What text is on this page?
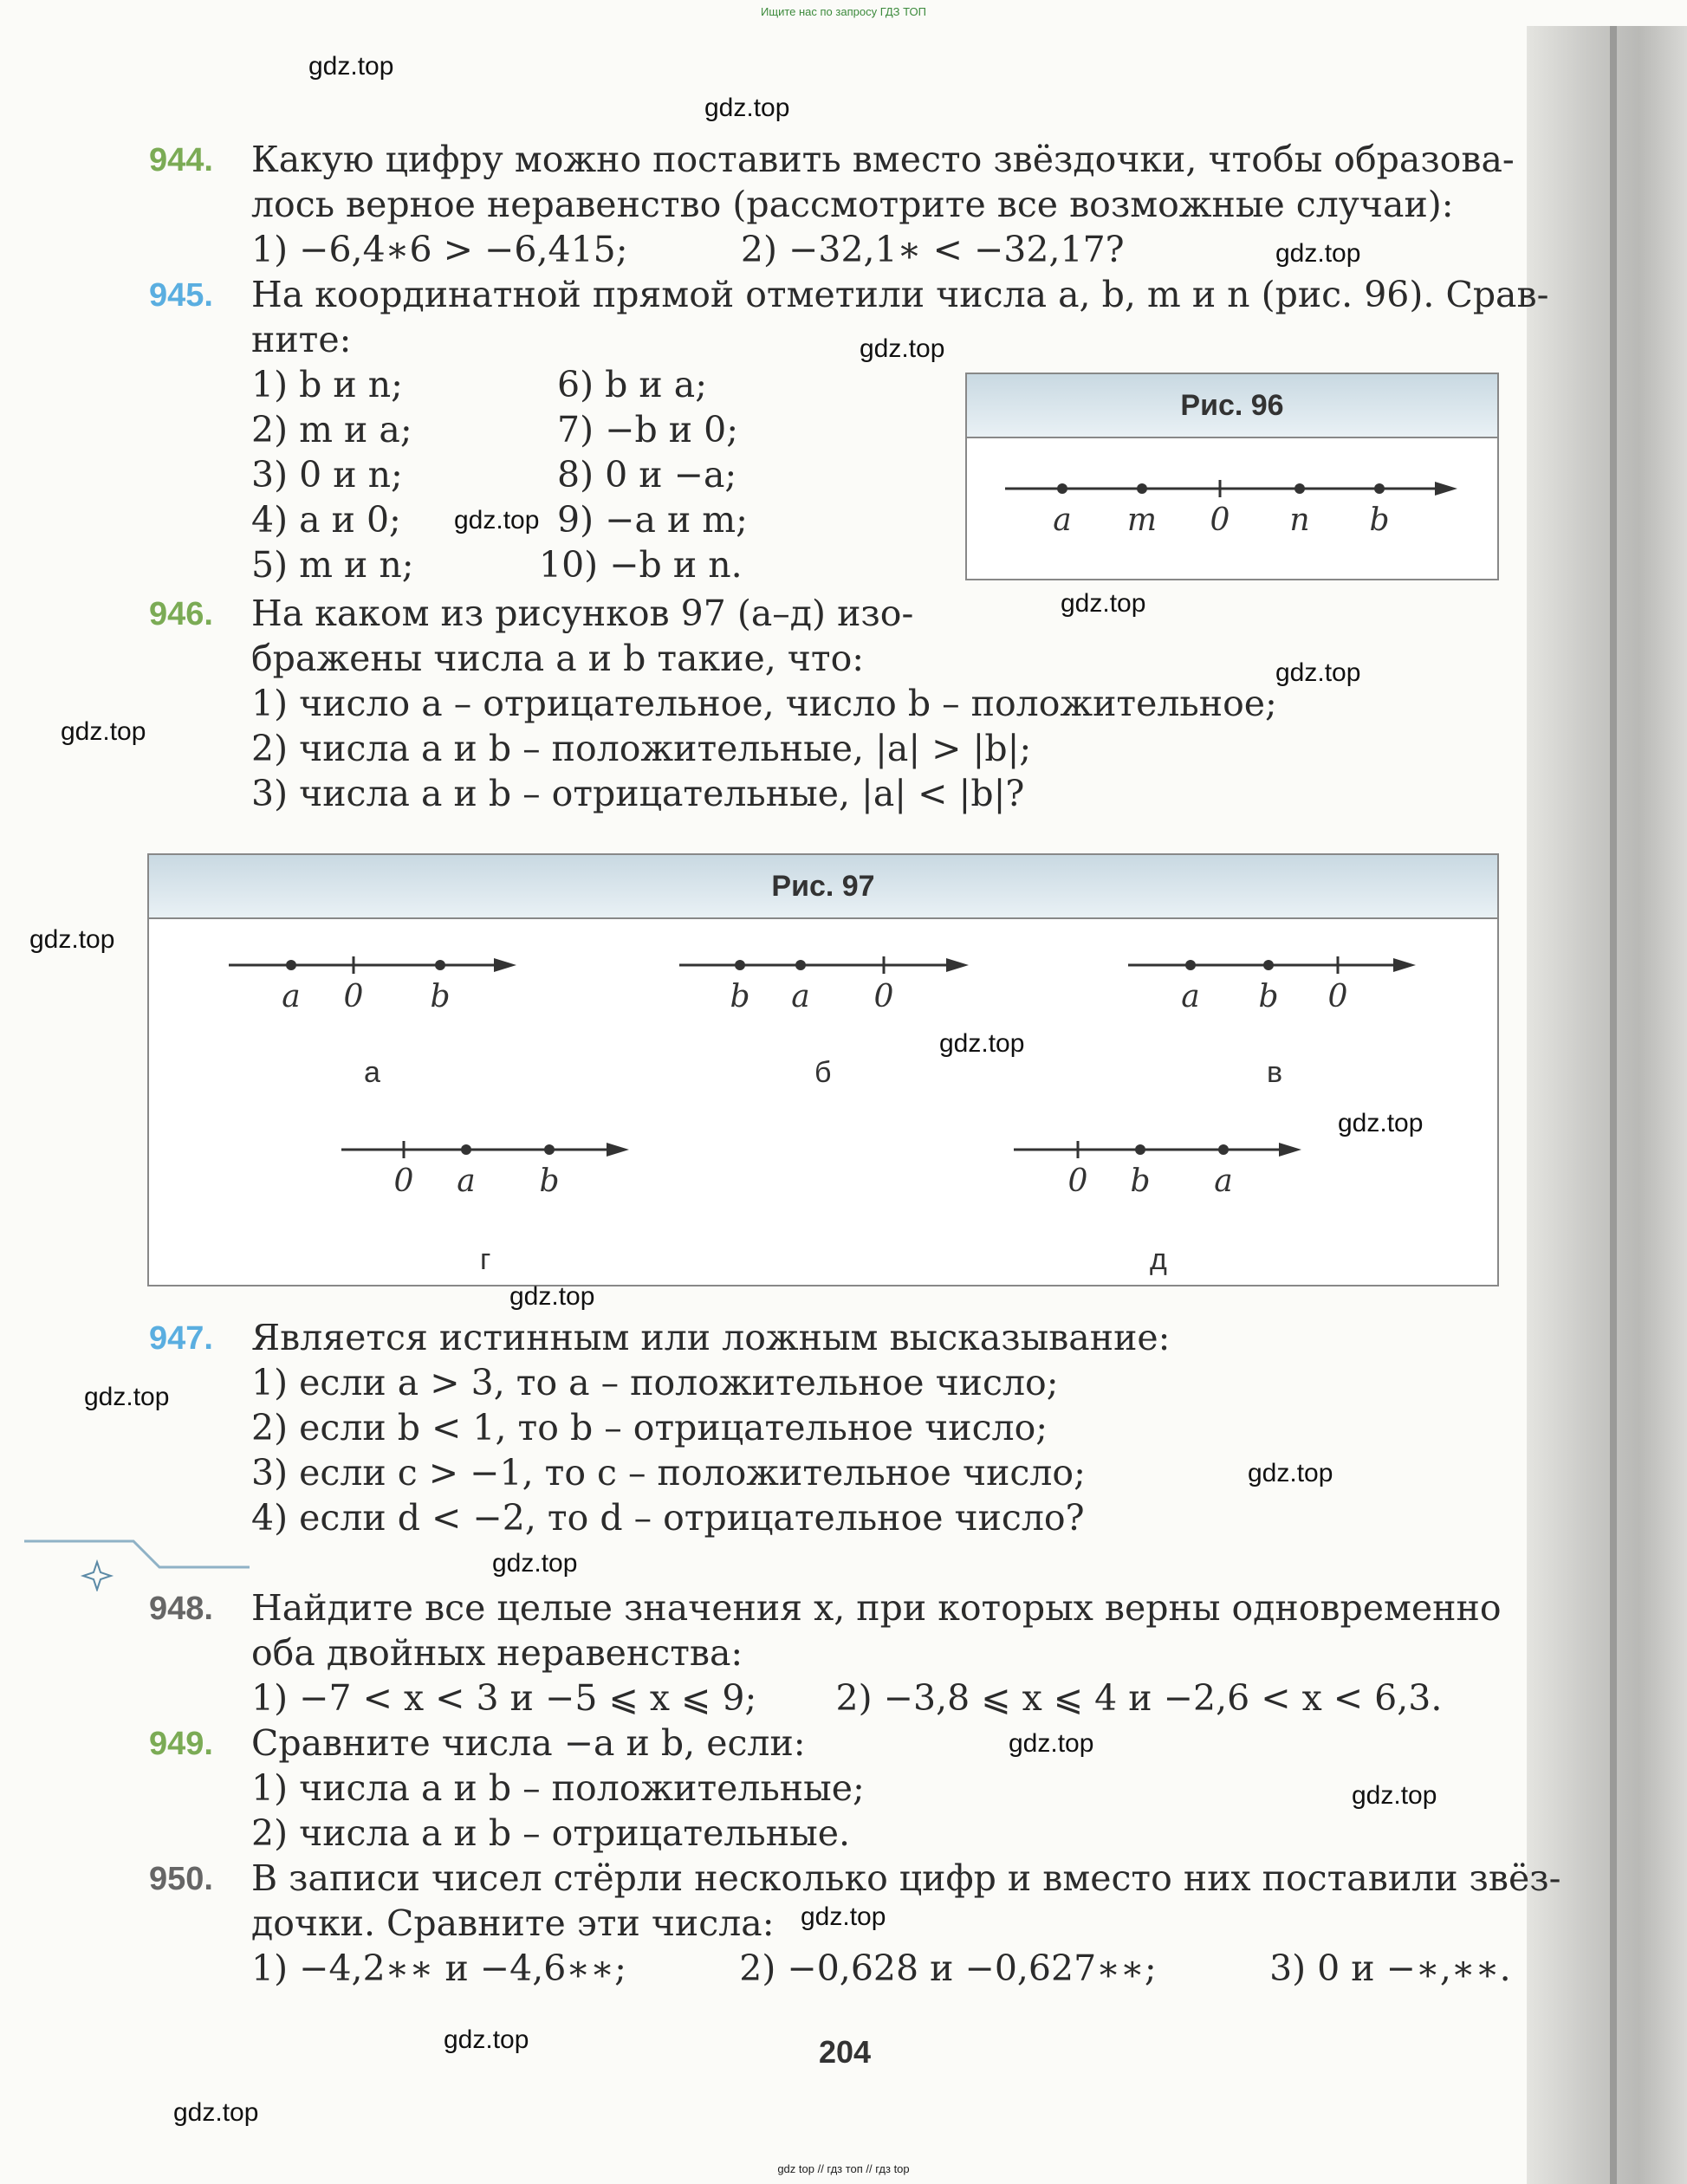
Ищите нас по запросу ГДЗ ТОП
944. Какую цифру можно поставить вместо звёздочки, чтобы образова-
лось верное неравенство (рассмотрите все возможные случаи):
1) −6,4∗6 > −6,415;          2) −32,1∗ < −32,17?
945. На координатной прямой отметили числа a, b, m и n (рис. 96). Срав-
ните:
1) b и n;
2) m и a;
3) 0 и n;
4) a и 0;
5) m и n;
6) b и a;
7) −b и 0;
8) 0 и −a;
9) −a и m;
10) −b и n.
Рис. 96
a m 0 n b
946. На каком из рисунков 97 (а–д) изо-
бражены числа a и b такие, что:
1) число a – отрицательное, число b – положительное;
2) числа a и b – положительные, |a| > |b|;
3) числа a и b – отрицательные, |a| < |b|?
Рис. 97
a 0 b	b a 0	a b 0
0 a b	0 b a
а	б	в
г	д
947. Является истинным или ложным высказывание:
1) если a > 3, то a – положительное число;
2) если b < 1, то b – отрицательное число;
3) если c > −1, то c – положительное число;
4) если d < −2, то d – отрицательное число?
948. Найдите все целые значения x, при которых верны одновременно
оба двойных неравенства:
1) −7 < x < 3 и −5 ⩽ x ⩽ 9;       2) −3,8 ⩽ x ⩽ 4 и −2,6 < x < 6,3.
949. Сравните числа −a и b, если:
1) числа a и b – положительные;
2) числа a и b – отрицательные.
950. В записи чисел стёрли несколько цифр и вместо них поставили звёз-
дочки. Сравните эти числа:
1) −4,2∗∗ и −4,6∗∗;          2) −0,628 и −0,627∗∗;          3) 0 и −∗,∗∗.
204
gdz.top
gdz.top
gdz.top
gdz.top
gdz.top
gdz.top
gdz.top
gdz.top
gdz.top
gdz.top
gdz.top
gdz.top
gdz.top
gdz.top
gdz.top
gdz.top
gdz.top
gdz.top
gdz.top
gdz.top
gdz top // гдз топ // гдз top
